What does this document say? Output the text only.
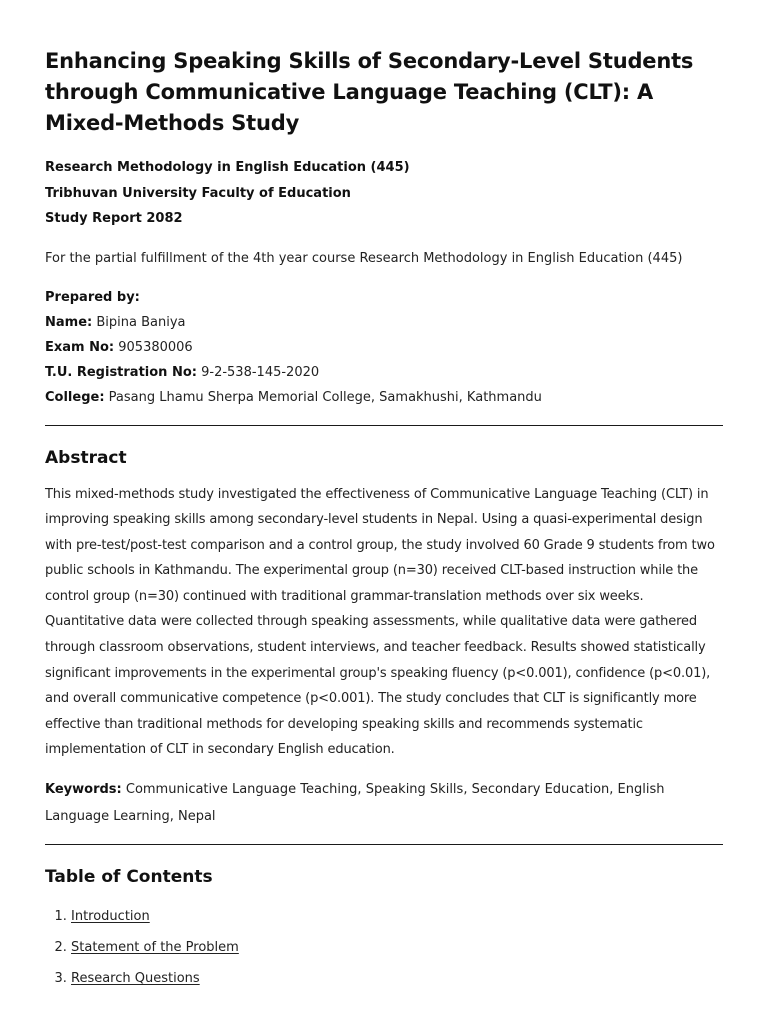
Enhancing Speaking Skills of Secondary-Level Students through Communicative Language Teaching (CLT): A Mixed-Methods Study

Research Methodology in English Education (445)

Tribhuvan University Faculty of Education

Study Report 2082

For the partial fulfillment of the 4th year course Research Methodology in English Education (445)

Prepared by:

Name: Bipina Baniya

Exam No: 905380006

T.U. Registration No: 9-2-538-145-2020

College: Pasang Lhamu Sherpa Memorial College, Samakhushi, Kathmandu

Abstract

This mixed-methods study investigated the effectiveness of Communicative Language Teaching (CLT) in improving speaking skills among secondary-level students in Nepal. Using a quasi-experimental design with pre-test/post-test comparison and a control group, the study involved 60 Grade 9 students from two public schools in Kathmandu. The experimental group (n=30) received CLT-based instruction while the control group (n=30) continued with traditional grammar-translation methods over six weeks. Quantitative data were collected through speaking assessments, while qualitative data were gathered through classroom observations, student interviews, and teacher feedback. Results showed statistically significant improvements in the experimental group's speaking fluency (p<0.001), confidence (p<0.01), and overall communicative competence (p<0.001). The study concludes that CLT is significantly more effective than traditional methods for developing speaking skills and recommends systematic implementation of CLT in secondary English education.

Keywords: Communicative Language Teaching, Speaking Skills, Secondary Education, English Language Learning, Nepal

Table of Contents
1. Introduction
2. Statement of the Problem
3. Research Questions
